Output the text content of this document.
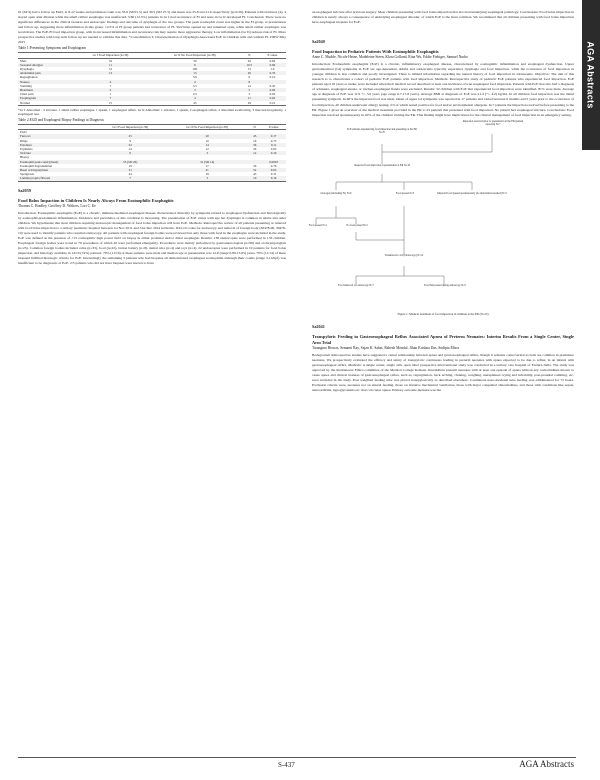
AGA Abstracts

61 (64%) had a follow up EGD, at 8-12 weeks and prednison count was 33.9 (SD15.5) and 30.5 (SD 27.5) and mean was 25.8 and 21.6 respectively (p=0.59). Patients with strictures (4), 4 stayed open after dilation while the small caliber esophagus was unaffected. 5/60 (12.5%) patients in Gr I had recurrence of FI and none in Gr II developed FI. Conclusion: There were no significant differences in the clinical features and endoscopic findings and outcome of dysphagia of the two groups. The peak eosinophil count was higher in the FI group, at presentation and follow up, suggesting more inflammation in this group. 12.5% of FI group patients had recurrence of FI. Strictures opened up and remained open, while small caliber esophagus was recalcitrant. The EoE-FI food impaction group, with its increased inflammation and recurrence risk may require more aggressive therapy. Low inflammation (Gr II) reduces risk of FI. More prospective studies with long term follow up are needed to validate this data. *Consolidation T, Characterization of Dysphagia Associated EoE in Children with and without FI. DDW May 2015

Table 1:Presenting Symptoms and Esophagram
	Gr I Food Impaction (n=39)	Gr II No Food Impaction (n=38)	N	P-value
Male	32	30	62	0.84
Seasonal allergies	11	9	16.5	0.69
Dysphagia	31	100	31	1.0
Abdominal pain	13	13	26	0.33
Regurgitation		3.6	6	0.10
Nausea	4	4	8	
Vomiting	7	3.5	12	0.45
Heartburn	2	3	5	0.06
Chest pain	1	2.5	3	0.03
Esophagram	7	4	11	0.62
Normal	15	45	29	0.10
*Gr I Abnormal - 3 stricture, 1 small caliber esophagus, 1 spasm, 1 esophageal reflux. Gr II Abnormal: 1 stricture, 1 spasm, 2 esophageal reflux, 2 abnormal swallowing, 3 mucosal irregularity, 1 esophageal tear.
Table 2:EGD and Esophageal Biopsy Findings at Diagnosis
	Gr I Food Impaction (n=39)	Gr II No Food Impaction (n=38)	N	P-value
EGD				
Furrows	25	20	45	0.17
Rings	9	10	19	0.73
Exudates	22	14	36	0.11
Erythema	14	12	26	0.63
Stricture	9	3	12	0.10
Biopsy				
Eosinophil peak count (mean)	55 (SD 26)	31 (SD 14)		0.0003
Eosinophil degranulation	19	17	36	0.76
Basal cell hyperplasia	31	21	52	0.03
Spongiosis	24	19	43	0.31
Lamina propria fibrosis	7	3	10	0.16
Sa2039
Food Bolus Impaction in Children Is Nearly Always From Eosinophilic Esophagitis
Thomas C. Bradley, Geoffrey D. Withers, Lori C. Ee

Introduction: Eosinophilic esophagitis (EoE) is a chronic, immune-mediated esophageal disease characterized clinically by symptoms related to esophageal dysfunction and histologically by eosinophil-predominant inflammation. Incidence and prevalence of this condition is increasing. The presentation of EoE varies with age but dysphagia is common in adults and older children. We hypothesise that most children requiring endoscopic management of food bolus impaction will have EoE. Methods: Retrospective review of all patients presenting or referred with food bolus impaction to a tertiary paediatric hospital between 1st Nov 2011 and 31st Dec 2014 inclusive. ICD-10 codes for endoscopy and removal of foreign body (30478-00, 30478-10) were used to identify patients who required endoscopy. All patients with esophageal foreign bodies were reviewed but only those with food in the esophagus were included in the study. EoE was defined as the presence of ≥15 eosinophils/ high power field on biopsy in either proximal and/or distal esophagus. Results: 138 endoscopies were performed in 133 children. Esophageal foreign bodies were noted in 70 procedures of which 26 were performed emergently. Procedures were mainly performed by gastroenterologists (n=90) and otolaryngologists (n=23). Common foreign bodies included coins (n=33), food (n=22), button battery (n=8), dental wire (n=4) and toys (n=4). 22 endoscopies were performed in 19 patients for food bolus impaction, and histology available in 14/19 (74%) patients. 79% (11/19) of these patients were male and median age at presentation was 12.0 (range 0.89-15.05) years. 79% (11/14) of these biopsied fulfilled histologic criteria for EoE. Interestingly the remaining 3 patients who had biopsies all demonstrated esophageal eosinophilia although their counts (range 3-14/hpf) was insufficient to be diagnostic of EoE. 2/5 patients who did not have biopsies were known to have

an esophageal stricture after previous surgery. Most children presenting with food bolus impaction that also had underlying esophageal pathology. Conclusions: Food bolus impaction in children is nearly always a consequence of underlying esophageal disorder, of which EoE is the most common. We recommend that all children presenting with food bolus impaction have esophageal biopsies for EoE.

Sa2040
Food Impaction in Pediatric Patients With Eosinophilic Esophagitis
Anne C. Mudde, Nicole Heine, Madeleine Steen, Klara Golland, Rina Wu, Eddie Fiebiger, Samuel Nurko

Introduction: Eosinophilic esophagitis (EoE) is a chronic, inflammatory esophageal disease, characterized by eosinophilic inflammation and esophageal dysfunction. Upper gastrointestinal (GI) symptoms in EoE are age-dependent. Adults and adolescents typically experience dysphagia and food impaction, while the occurrence of food impaction in younger children is less common and poorly investigated. There is limited information regarding the natural history of food impaction in adolescents. Objective: The aim of this research is to characterize a cohort of pediatric EoE patients with food impaction. Methods: Retrospective study of pediatric EoE patients who experienced food impaction. EoE patients aged 18 years or under, were included when their medical record described at least one incidence of true esophageal food impaction. Patients with EoE that also had a diagnosis of achalasia, esophageal atresia, or tracheo-esophageal fistula were excluded. Results: 32 children with EoE that experienced food impaction were identified. 81% were male. Average age at diagnosis of EoE was 11.9 +/- 3.0 years (age range 6.7-17.8 years). Average BMI at diagnosis of EoE was 21.4 (+/- 4.2) kg/m2. In all children food impaction was the initial presenting symptom. In 66% the impacted food was meat. Onset of upper GI symptoms was reported in 17 patients and varied between 0 months and 5 years prior to the occurrence of food impaction. 20 children underwent allergy testing, 2/3 of which tested positive for food and/or environmental allergens. In 7 patients the impaction resolved before presenting to the ER. Figure 1 gives an overview of the medical treatment provided in the ER to 25 patients that presented with food impaction. No patient had esophageal stricture. Conclusions: Food impaction resolved spontaneously in 40% of the children visiting the ER. This finding might have implications for the clinical management of food impaction in an emergency setting.

EoE patients experiencing food impaction and presenting at the ER N=25
Impaction resolved prior to presentation at the ER (patient reported) N=7
Suspected food impaction at presentation at ER N=18
Glucagon (including IV) N=6	Impacted food passed spontaneously (no intervention needed) N=5
Food passed N=1	No food passed N=5
Food passed N=3
Transferred to GI (Endoscopy) N=12
Food removed via endoscopy N=7	Food had passed during endoscopy N=5
Figure 1: Medical treatment of food impaction in children at the ER (N=25)
Sa2041
Transpyloric Feeding in Gastroesophageal Reflux Associated Apnea of Preterm Neonates: Interim Results From a Single Center, Single Arm Trial
Tarangina Biswas, Semanti Ray, Sajan K. Sabat, Rakesh Mondal, Jihan Krishna Das, Sudipta Misra

Background: Retrospective studies have suggested a causal relationship between apnea and gastroesophageal reflux, though it remains controversial as both are common in premature neonates. We prospectively evaluated the efficacy and safety of transpyloric continuous feeding in preterm neonates with apnea expected to be due to reflux, in an infants with gastroesophageal reflux. Methods: A single center, single arm, open label prospective interventional study was conducted in a tertiary care hospital of Eastern India. The study was approved by the Institutional Ethics committee of the Medical College Kolkata. Intermittent preterm neonates with at least one episode of apnea without any comorbidities known to cause apnea and clinical features of gastroesophageal reflux, such as, regurgitation, back arching, choking, coughing, unexplained crying and irritability, post-prandial vomiting, etc. were included in the study. Post weighted feeding tube was placed transpylorically as described elsewhere. Continuous naso-duodenal tube feeding was administered for 72 hours. Exclusion criteria were, neonates not on enteral feeding, those on invasive mechanical ventilation, those with major congenital abnormalities, and those with conditions like sepsis, neuroarthritis, hypoglycaemia etc. that can cause apnea. Primary outcome measure was the

S-437	AGA Abstracts
